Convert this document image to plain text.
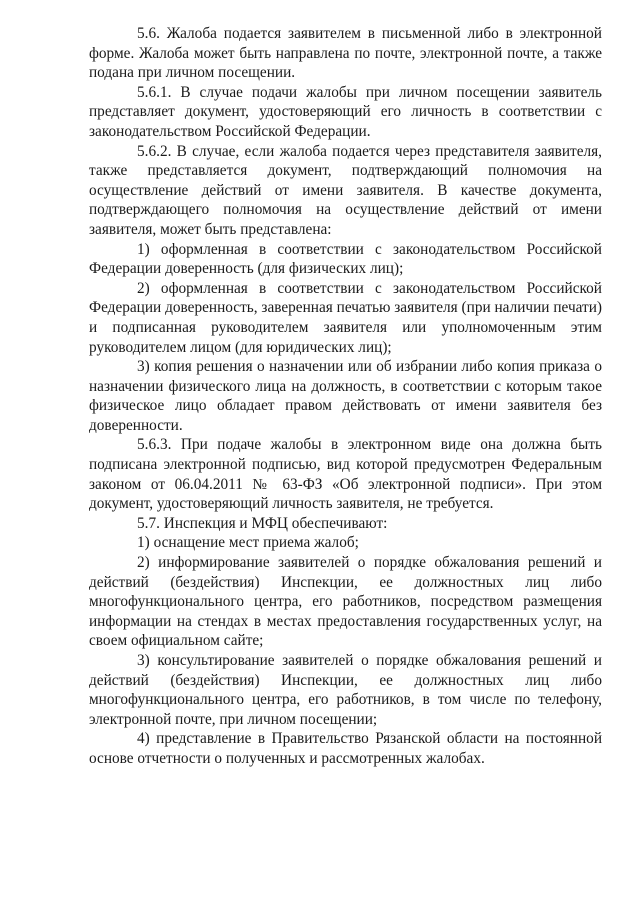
5.6. Жалоба подается заявителем в письменной либо в электронной форме. Жалоба может быть направлена по почте, электронной почте, а также подана при личном посещении.

5.6.1. В случае подачи жалобы при личном посещении заявитель представляет документ, удостоверяющий его личность в соответствии с законодательством Российской Федерации.

5.6.2. В случае, если жалоба подается через представителя заявителя, также представляется документ, подтверждающий полномочия на осуществление действий от имени заявителя. В качестве документа, подтверждающего полномочия на осуществление действий от имени заявителя, может быть представлена:

1) оформленная в соответствии с законодательством Российской Федерации доверенность (для физических лиц);

2) оформленная в соответствии с законодательством Российской Федерации доверенность, заверенная печатью заявителя (при наличии печати) и подписанная руководителем заявителя или уполномоченным этим руководителем лицом (для юридических лиц);

3) копия решения о назначении или об избрании либо копия приказа о назначении физического лица на должность, в соответствии с которым такое физическое лицо обладает правом действовать от имени заявителя без доверенности.

5.6.3. При подаче жалобы в электронном виде она должна быть подписана электронной подписью, вид которой предусмотрен Федеральным законом от 06.04.2011 № 63-ФЗ «Об электронной подписи». При этом документ, удостоверяющий личность заявителя, не требуется.

5.7. Инспекция и МФЦ обеспечивают:

1) оснащение мест приема жалоб;

2) информирование заявителей о порядке обжалования решений и действий (бездействия) Инспекции, ее должностных лиц либо многофункционального центра, его работников, посредством размещения информации на стендах в местах предоставления государственных услуг, на своем официальном сайте;

3) консультирование заявителей о порядке обжалования решений и действий (бездействия) Инспекции, ее должностных лиц либо многофункционального центра, его работников, в том числе по телефону, электронной почте, при личном посещении;

4) представление в Правительство Рязанской области на постоянной основе отчетности о полученных и рассмотренных жалобах.
